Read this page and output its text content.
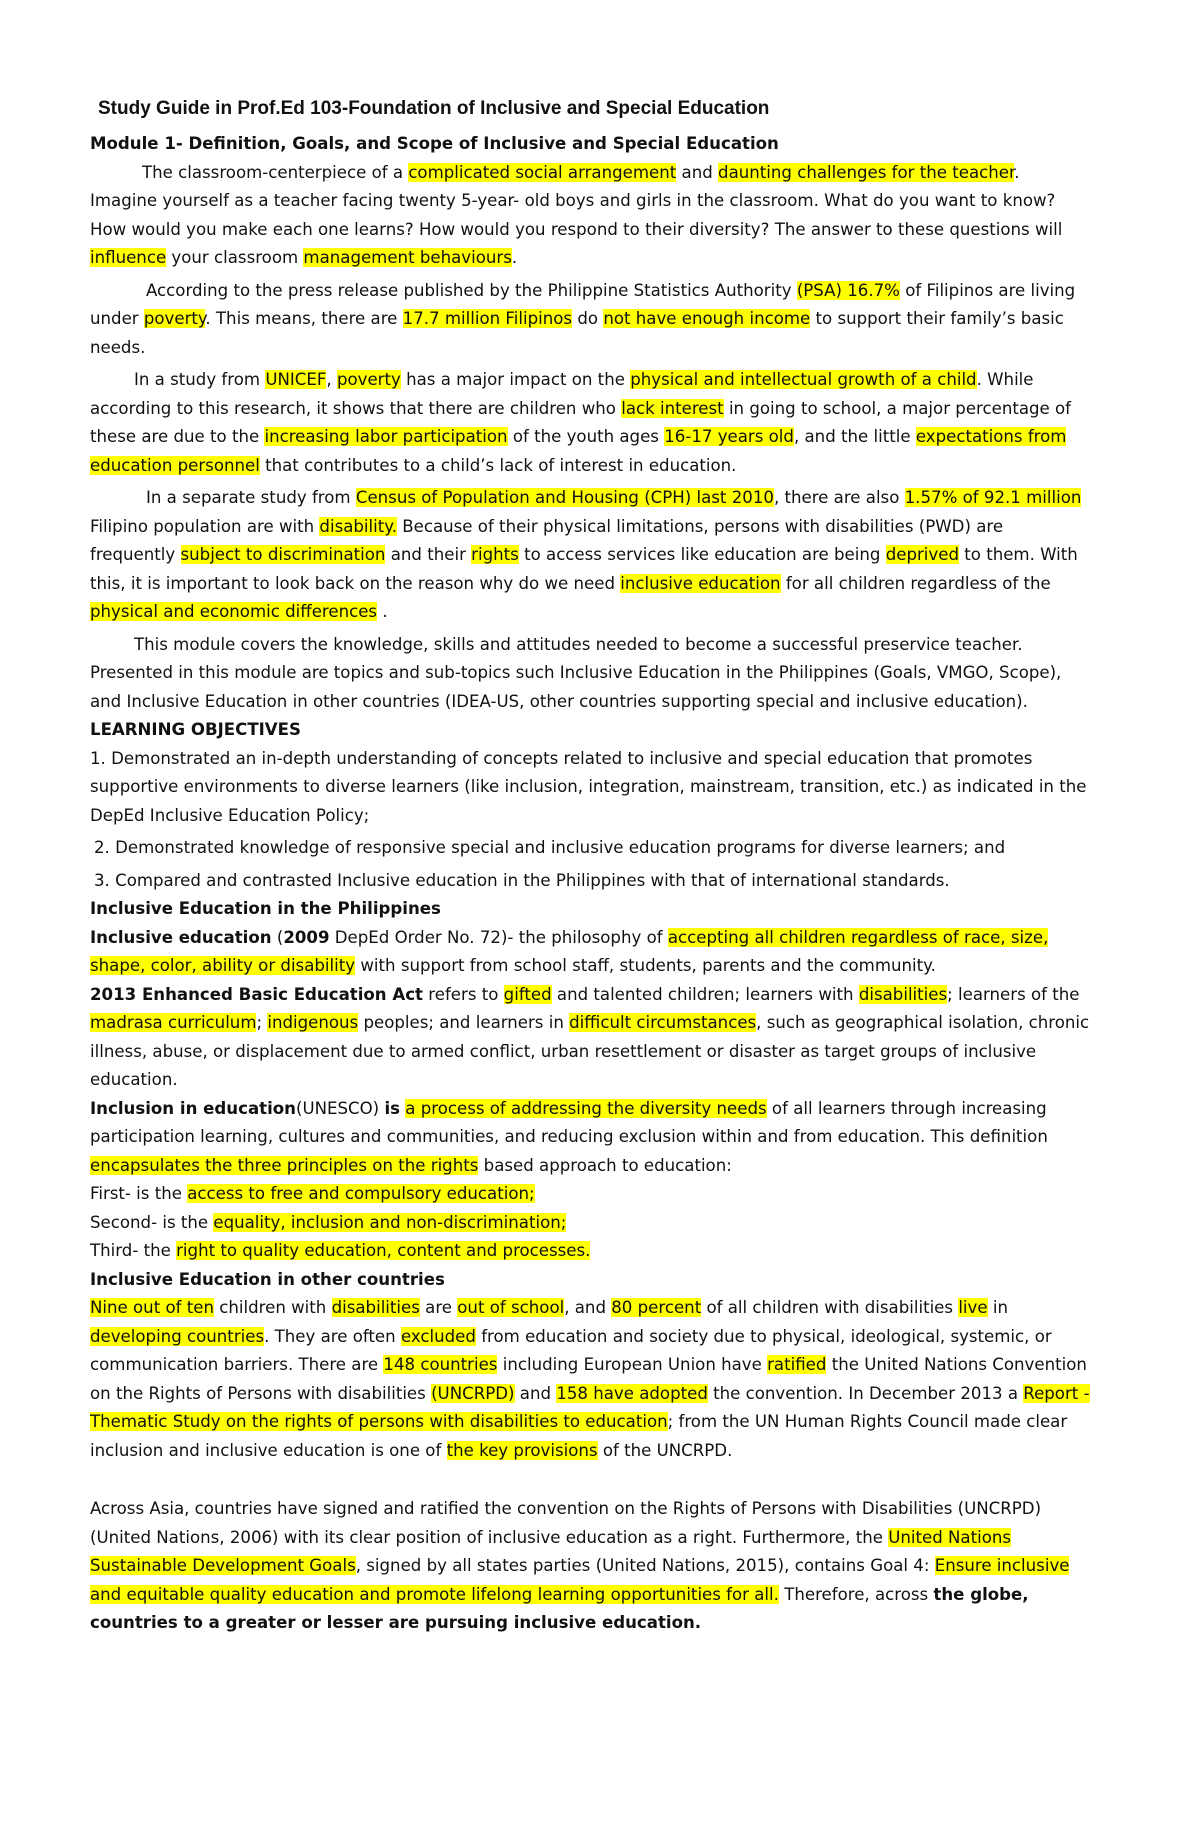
Study Guide in Prof.Ed 103-Foundation of Inclusive and Special Education

Module 1- Definition, Goals, and Scope of Inclusive and Special Education

The classroom-centerpiece of a complicated social arrangement and daunting challenges for the teacher. Imagine yourself as a teacher facing twenty 5-year- old boys and girls in the classroom. What do you want to know? How would you make each one learns? How would you respond to their diversity? The answer to these questions will influence your classroom management behaviours.

According to the press release published by the Philippine Statistics Authority (PSA) 16.7% of Filipinos are living under poverty. This means, there are 17.7 million Filipinos do not have enough income to support their family’s basic needs.

In a study from UNICEF, poverty has a major impact on the physical and intellectual growth of a child. While according to this research, it shows that there are children who lack interest in going to school, a major percentage of these are due to the increasing labor participation of the youth ages 16-17 years old, and the little expectations from education personnel that contributes to a child’s lack of interest in education.

In a separate study from Census of Population and Housing (CPH) last 2010, there are also 1.57% of 92.1 million Filipino population are with disability. Because of their physical limitations, persons with disabilities (PWD) are frequently subject to discrimination and their rights to access services like education are being deprived to them. With this, it is important to look back on the reason why do we need inclusive education for all children regardless of the physical and economic differences .

This module covers the knowledge, skills and attitudes needed to become a successful preservice teacher. Presented in this module are topics and sub-topics such Inclusive Education in the Philippines (Goals, VMGO, Scope), and Inclusive Education in other countries (IDEA-US, other countries supporting special and inclusive education).

LEARNING OBJECTIVES

1. Demonstrated an in-depth understanding of concepts related to inclusive and special education that promotes supportive environments to diverse learners (like inclusion, integration, mainstream, transition, etc.) as indicated in the DepEd Inclusive Education Policy;

2. Demonstrated knowledge of responsive special and inclusive education programs for diverse learners; and

3. Compared and contrasted Inclusive education in the Philippines with that of international standards.

Inclusive Education in the Philippines

Inclusive education (2009 DepEd Order No. 72)- the philosophy of accepting all children regardless of race, size, shape, color, ability or disability with support from school staff, students, parents and the community.

2013 Enhanced Basic Education Act refers to gifted and talented children; learners with disabilities; learners of the madrasa curriculum; indigenous peoples; and learners in difficult circumstances, such as geographical isolation, chronic illness, abuse, or displacement due to armed conflict, urban resettlement or disaster as target groups of inclusive education.

Inclusion in education(UNESCO) is a process of addressing the diversity needs of all learners through increasing participation learning, cultures and communities, and reducing exclusion within and from education. This definition encapsulates the three principles on the rights based approach to education:

First- is the access to free and compulsory education;

Second- is the equality, inclusion and non-discrimination;

Third- the right to quality education, content and processes.

Inclusive Education in other countries

Nine out of ten children with disabilities are out of school, and 80 percent of all children with disabilities live in developing countries. They are often excluded from education and society due to physical, ideological, systemic, or communication barriers. There are 148 countries including European Union have ratified the United Nations Convention on the Rights of Persons with disabilities (UNCRPD) and 158 have adopted the convention. In December 2013 a Report -Thematic Study on the rights of persons with disabilities to education; from the UN Human Rights Council made clear inclusion and inclusive education is one of the key provisions of the UNCRPD.

Across Asia, countries have signed and ratified the convention on the Rights of Persons with Disabilities (UNCRPD) (United Nations, 2006) with its clear position of inclusive education as a right. Furthermore, the United Nations Sustainable Development Goals, signed by all states parties (United Nations, 2015), contains Goal 4: Ensure inclusive and equitable quality education and promote lifelong learning opportunities for all. Therefore, across the globe, countries to a greater or lesser are pursuing inclusive education.
